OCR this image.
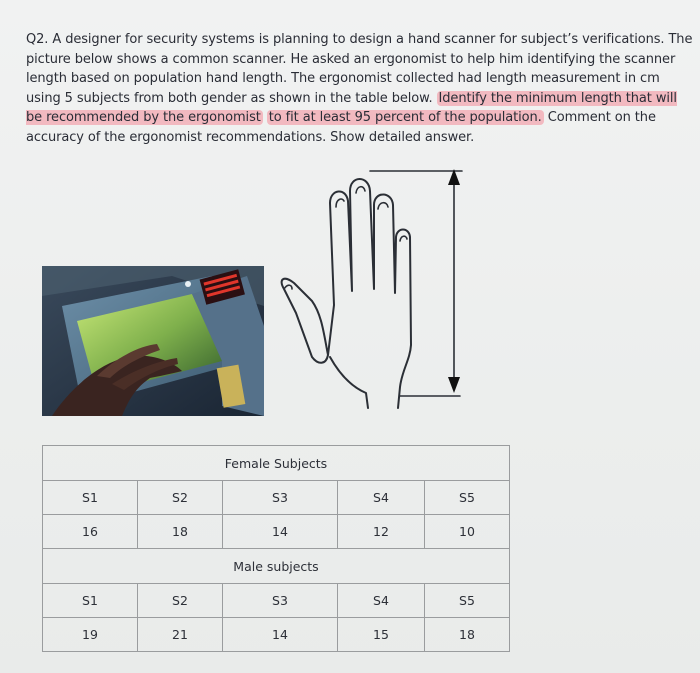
Q2. A designer for security systems is planning to design a hand scanner for subject’s verifications. The picture below shows a common scanner. He asked an ergonomist to help him identifying the scanner length based on population hand length. The ergonomist collected had length measurement in cm using 5 subjects from both gender as shown in the table below. Identify the minimum length that will be recommended by the ergonomist to fit at least 95 percent of the population. Comment on the accuracy of the ergonomist recommendations. Show detailed answer.
Female Subjects				
S1	S2	S3	S4	S5
16	18	14	12	10
Male subjects				
S1	S2	S3	S4	S5
19	21	14	15	18
